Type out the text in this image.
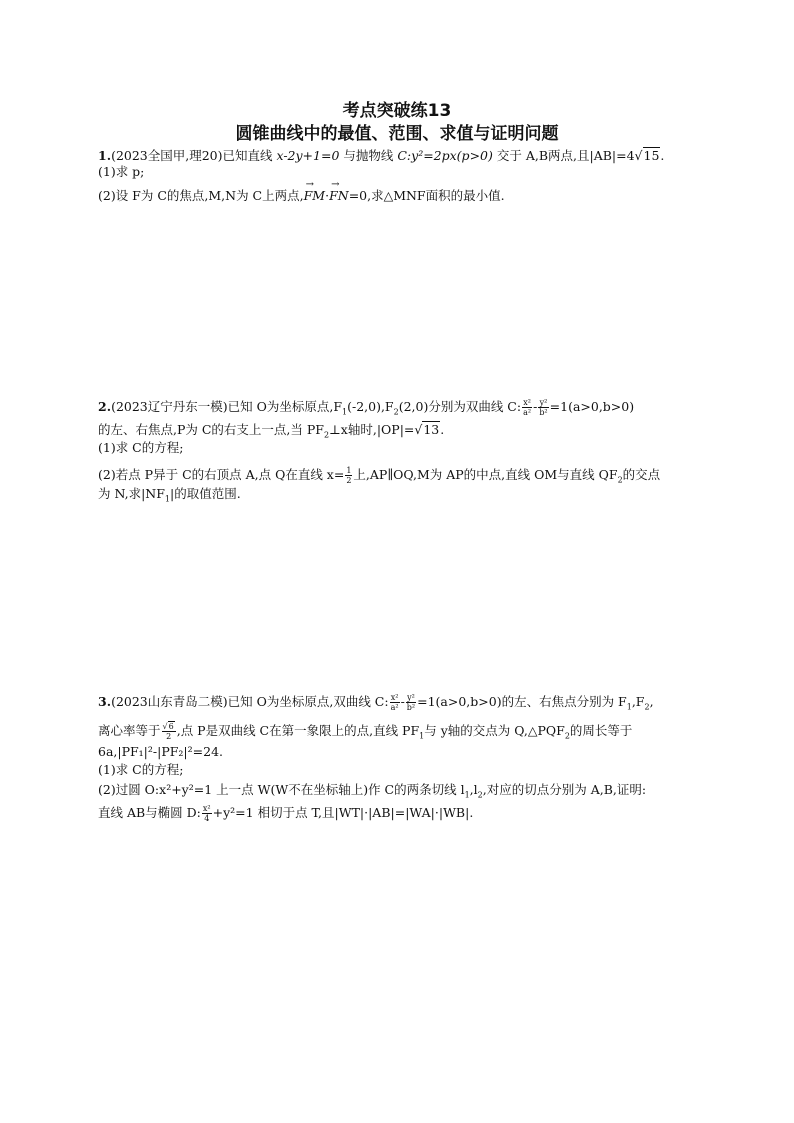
考点突破练13
圆锥曲线中的最值、范围、求值与证明问题
1.(2023全国甲,理20)已知直线 x-2y+1=0 与抛物线 C:y²=2px(p>0) 交于 A,B两点,且|AB|=4√15.
(1)求 p;
(2)设 F为 C的焦点,M,N为 C上两点,→ FM·→ FN=0,求△MNF面积的最小值.
2.(2023辽宁丹东一模)已知 O为坐标原点$,F_1(-2,0),F_2(2,0)$分别为双曲线 C: $\frac{\text{x²}}{\text{a²}} - \frac{\text{y²}}{\text{b²}} =1(a>0,b>0)$
的左、右焦点,P为 C的右支上一点,当 $PF_2\perp x$轴时,|OP|=√13.
(1)求 C的方程;
(2)若点 P异于 C的右顶点 A,点 Q在直线 $x= \frac{1}{2}$ 上,AP∥OQ,M为 AP的中点,直线 OM与直线 $QF_2$的交点
为 N,求$|NF_1|$的取值范围.
3.(2023山东青岛二模)已知 O为坐标原点,双曲线 C: $\frac{\text{x²}}{\text{a²}} - \frac{\text{y²}}{\text{b²}} =1(a>0,b>0)$的左、右焦点分别为 $F_1,F_2$,
离心率等于 $\frac{√6}{2}$ ,点 P是双曲线 C在第一象限上的点,直线 $PF_1$与 y轴的交点为 $Q,\triangle PQF_2$的周长等于
6a,|PF₁|²-|PF₂|²=24.
(1)求 C的方程;
(2)过圆 O:x²+y²=1 上一点 W(W不在坐标轴上)作 C的两条切线 $l_1,l_2$,对应的切点分别为 A,B,证明:
直线 AB与椭圆 D: $\frac{\text{x²}}{4} +y^2=1$ 相切于点 T,且|WT|·|AB|=|WA|·|WB|.
